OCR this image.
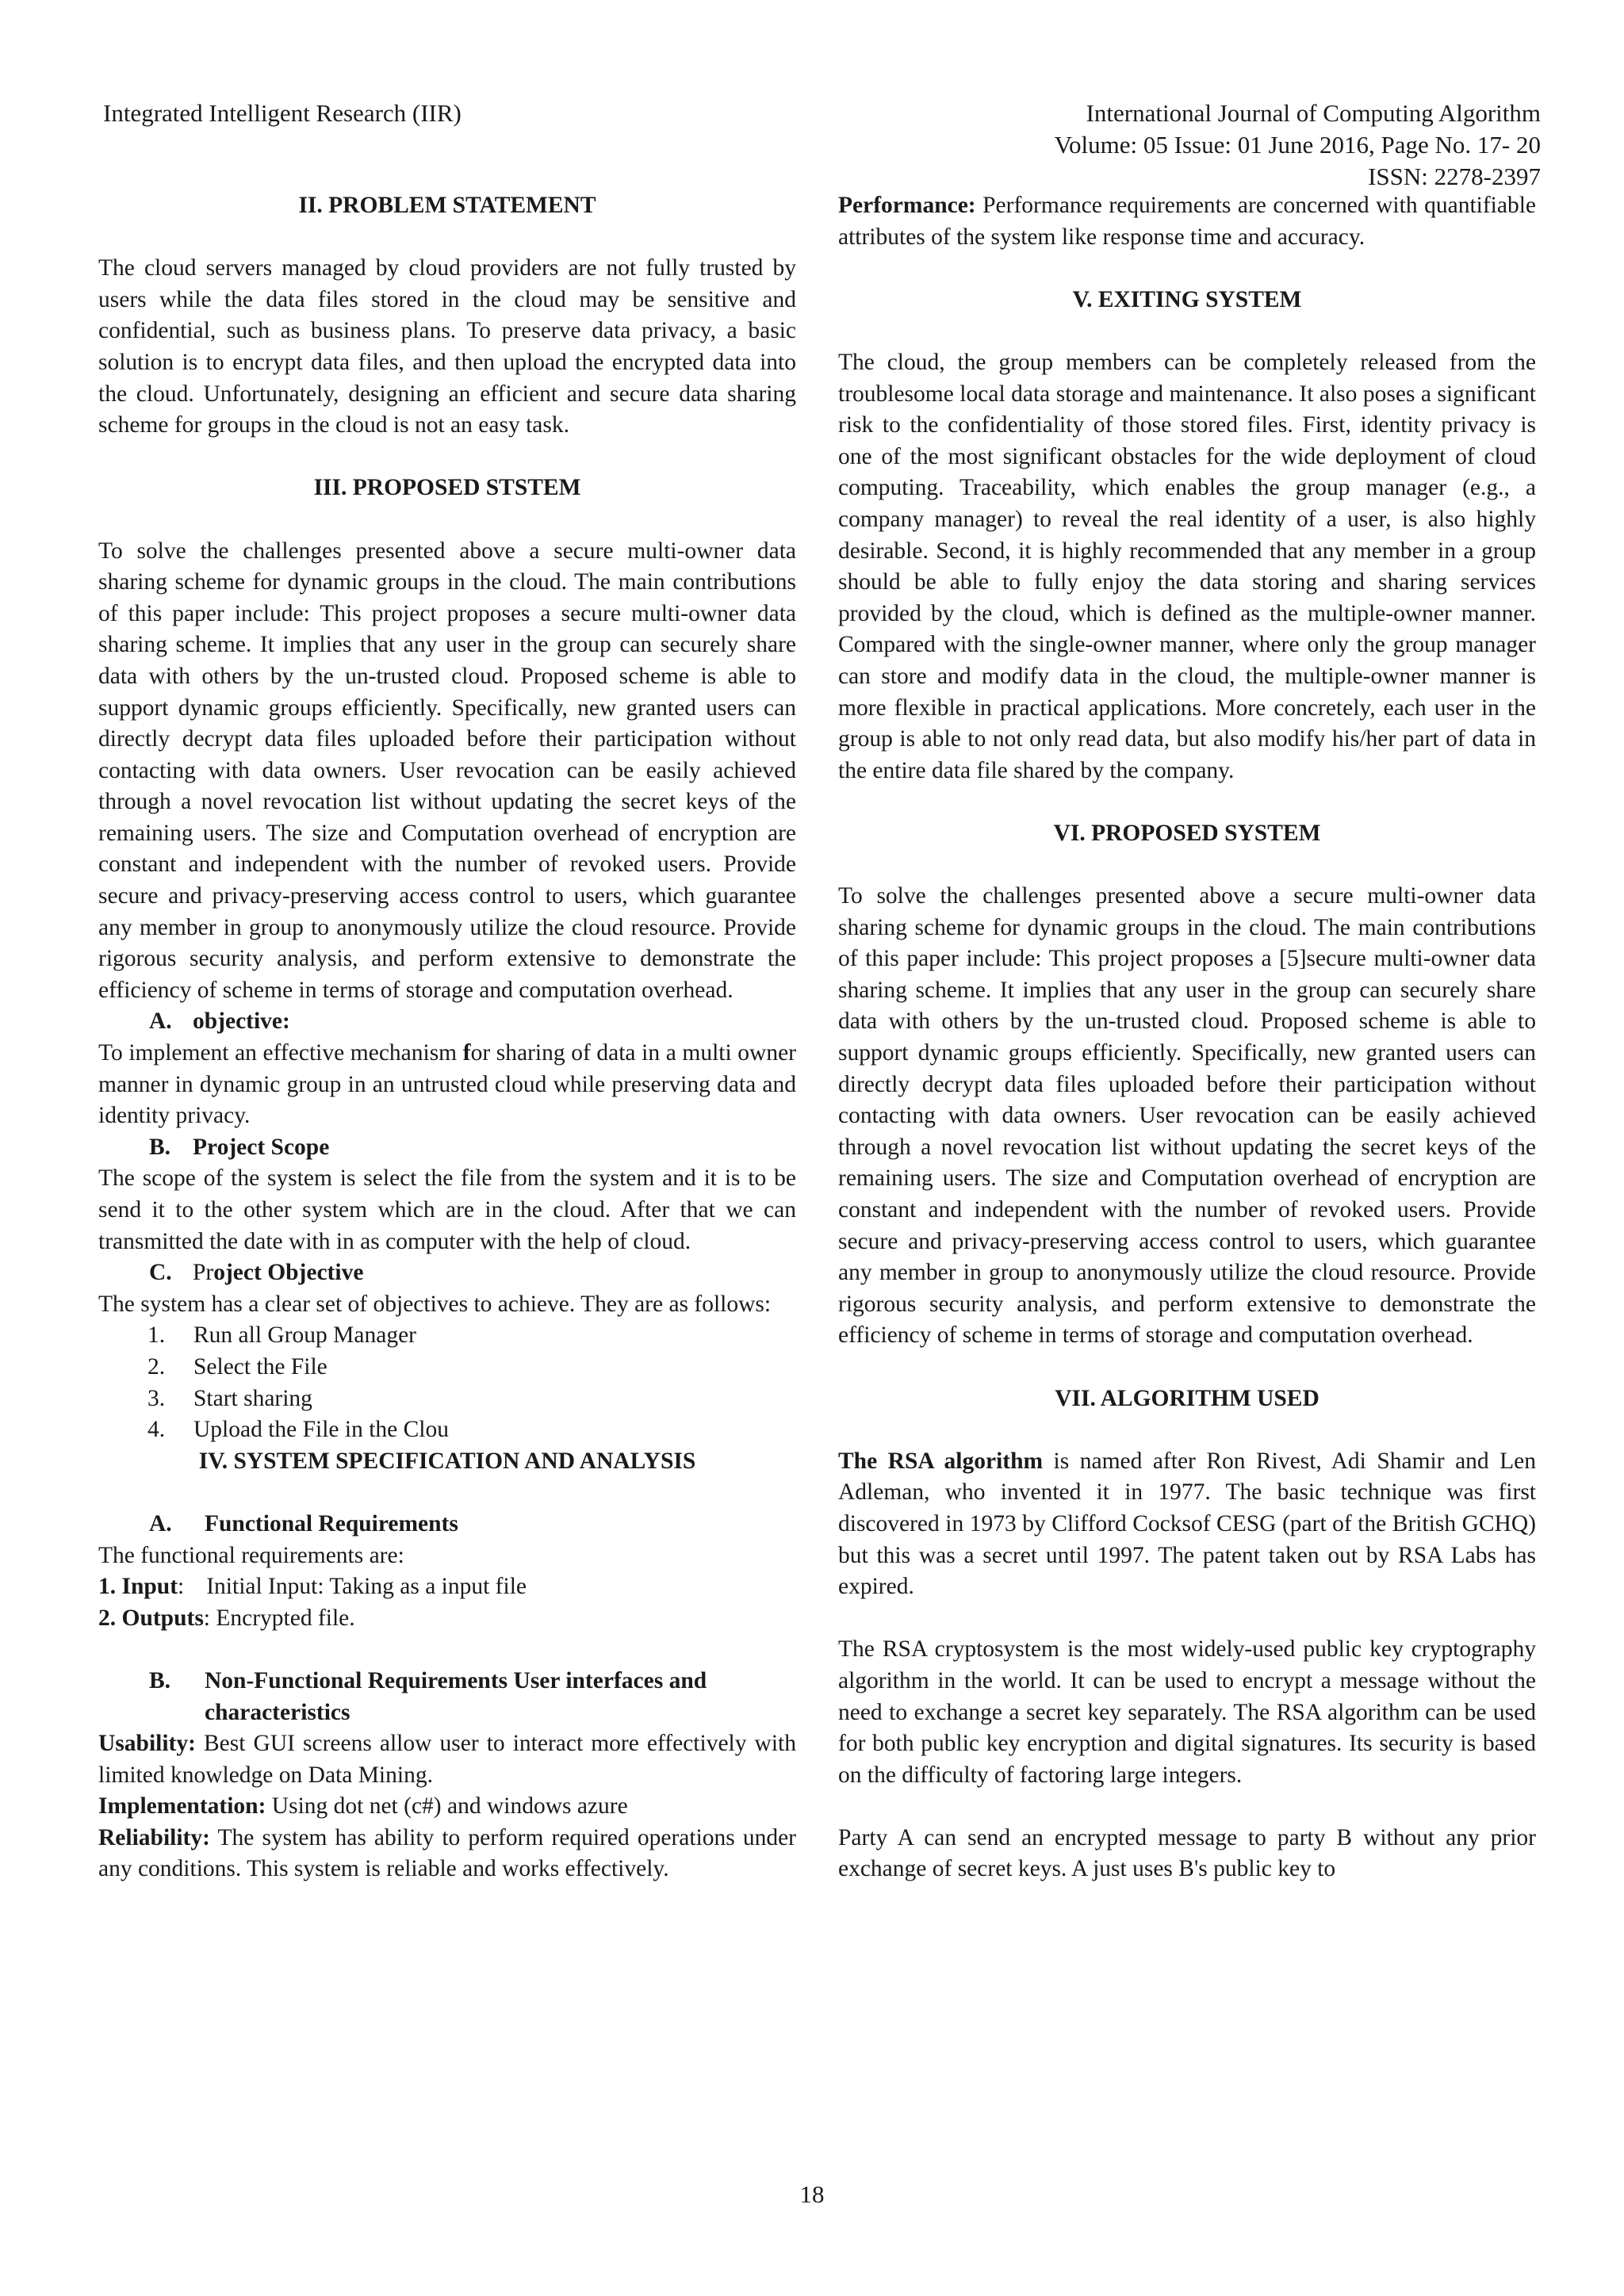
Integrated Intelligent Research (IIR)	International Journal of Computing Algorithm
Volume: 05 Issue: 01 June 2016, Page No. 17- 20
ISSN: 2278-2397
II. PROBLEM STATEMENT

The cloud servers managed by cloud providers are not fully trusted by users while the data files stored in the cloud may be sensitive and confidential, such as business plans. To preserve data privacy, a basic solution is to encrypt data files, and then upload the encrypted data into the cloud. Unfortunately, designing an efficient and secure data sharing scheme for groups in the cloud is not an easy task.

III. PROPOSED STSTEM

To solve the challenges presented above a secure multi-owner data sharing scheme for dynamic groups in the cloud. The main contributions of this paper include: This project proposes a secure multi-owner data sharing scheme. It implies that any user in the group can securely share data with others by the un-trusted cloud. Proposed scheme is able to support dynamic groups efficiently. Specifically, new granted users can directly decrypt data files uploaded before their participation without contacting with data owners. User revocation can be easily achieved through a novel revocation list without updating the secret keys of the remaining users. The size and Computation overhead of encryption are constant and independent with the number of revoked users. Provide secure and privacy-preserving access control to users, which guarantee any member in group to anonymously utilize the cloud resource. Provide rigorous security analysis, and perform extensive to demonstrate the efficiency of scheme in terms of storage and computation overhead.

A. objective:

To implement an effective mechanism for sharing of data in a multi owner manner in dynamic group in an untrusted cloud while preserving data and identity privacy.

B. Project Scope

The scope of the system is select the file from the system and it is to be send it to the other system which are in the cloud. After that we can transmitted the date with in as computer with the help of cloud.

C. Project Objective

The system has a clear set of objectives to achieve. They are as follows:

1. Run all Group Manager
2. Select the File
3. Start sharing
4. Upload the File in the Clou
IV. SYSTEM SPECIFICATION AND ANALYSIS
A. Functional Requirements

The functional requirements are:

1. Input: Initial Input: Taking as a input file

2. Outputs: Encrypted file.

B.	Non-Functional Requirements User interfaces and characteristics

Usability: Best GUI screens allow user to interact more effectively with limited knowledge on Data Mining.

Implementation: Using dot net (c#) and windows azure

Reliability: The system has ability to perform required operations under any conditions. This system is reliable and works effectively.

Performance: Performance requirements are concerned with quantifiable attributes of the system like response time and accuracy.

V. EXITING SYSTEM

The cloud, the group members can be completely released from the troublesome local data storage and maintenance. It also poses a significant risk to the confidentiality of those stored files. First, identity privacy is one of the most significant obstacles for the wide deployment of cloud computing. Traceability, which enables the group manager (e.g., a company manager) to reveal the real identity of a user, is also highly desirable. Second, it is highly recommended that any member in a group should be able to fully enjoy the data storing and sharing services provided by the cloud, which is defined as the multiple-owner manner. Compared with the single-owner manner, where only the group manager can store and modify data in the cloud, the multiple-owner manner is more flexible in practical applications. More concretely, each user in the group is able to not only read data, but also modify his/her part of data in the entire data file shared by the company.

VI. PROPOSED SYSTEM

To solve the challenges presented above a secure multi-owner data sharing scheme for dynamic groups in the cloud. The main contributions of this paper include: This project proposes a [5]secure multi-owner data sharing scheme. It implies that any user in the group can securely share data with others by the un-trusted cloud. Proposed scheme is able to support dynamic groups efficiently. Specifically, new granted users can directly decrypt data files uploaded before their participation without contacting with data owners. User revocation can be easily achieved through a novel revocation list without updating the secret keys of the remaining users. The size and Computation overhead of encryption are constant and independent with the number of revoked users. Provide secure and privacy-preserving access control to users, which guarantee any member in group to anonymously utilize the cloud resource. Provide rigorous security analysis, and perform extensive to demonstrate the efficiency of scheme in terms of storage and computation overhead.

VII. ALGORITHM USED

The RSA algorithm is named after Ron Rivest, Adi Shamir and Len Adleman, who invented it in 1977. The basic technique was first discovered in 1973 by Clifford Cocksof CESG (part of the British GCHQ) but this was a secret until 1997. The patent taken out by RSA Labs has expired.

The RSA cryptosystem is the most widely-used public key cryptography algorithm in the world. It can be used to encrypt a message without the need to exchange a secret key separately. The RSA algorithm can be used for both public key encryption and digital signatures. Its security is based on the difficulty of factoring large integers.

Party A can send an encrypted message to party B without any prior exchange of secret keys. A just uses B's public key to

18
